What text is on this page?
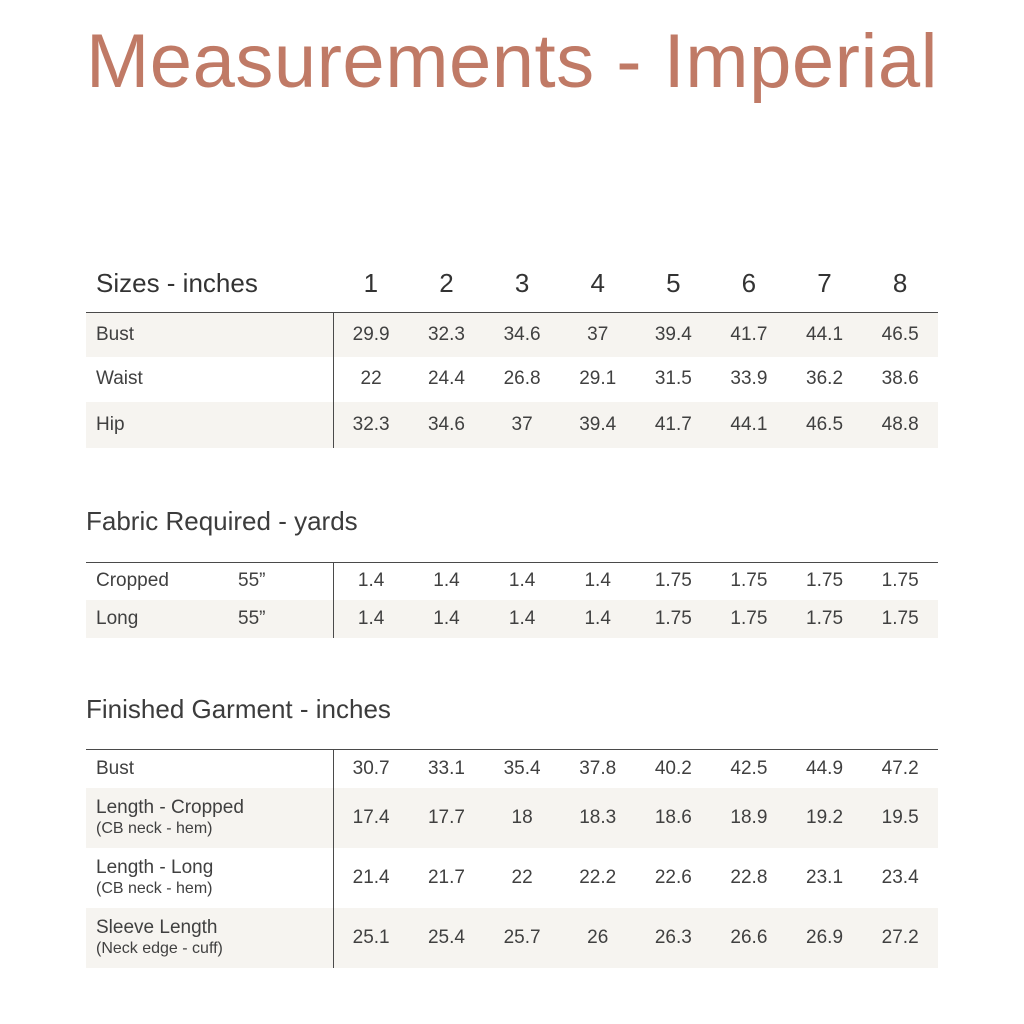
Measurements - Imperial
Sizes - inches	1	2	3	4	5	6	7	8
Bust	29.9	32.3	34.6	37	39.4	41.7	44.1	46.5
Waist	22	24.4	26.8	29.1	31.5	33.9	36.2	38.6
Hip	32.3	34.6	37	39.4	41.7	44.1	46.5	48.8
Fabric Required - yards
Cropped 55”	1.4	1.4	1.4	1.4	1.75	1.75	1.75	1.75
Long 55”	1.4	1.4	1.4	1.4	1.75	1.75	1.75	1.75
Finished Garment - inches
Bust	30.7	33.1	35.4	37.8	40.2	42.5	44.9	47.2
Length - Cropped
(CB neck - hem)	17.4	17.7	18	18.3	18.6	18.9	19.2	19.5
Length - Long
(CB neck - hem)	21.4	21.7	22	22.2	22.6	22.8	23.1	23.4
Sleeve Length
(Neck edge - cuff)	25.1	25.4	25.7	26	26.3	26.6	26.9	27.2
